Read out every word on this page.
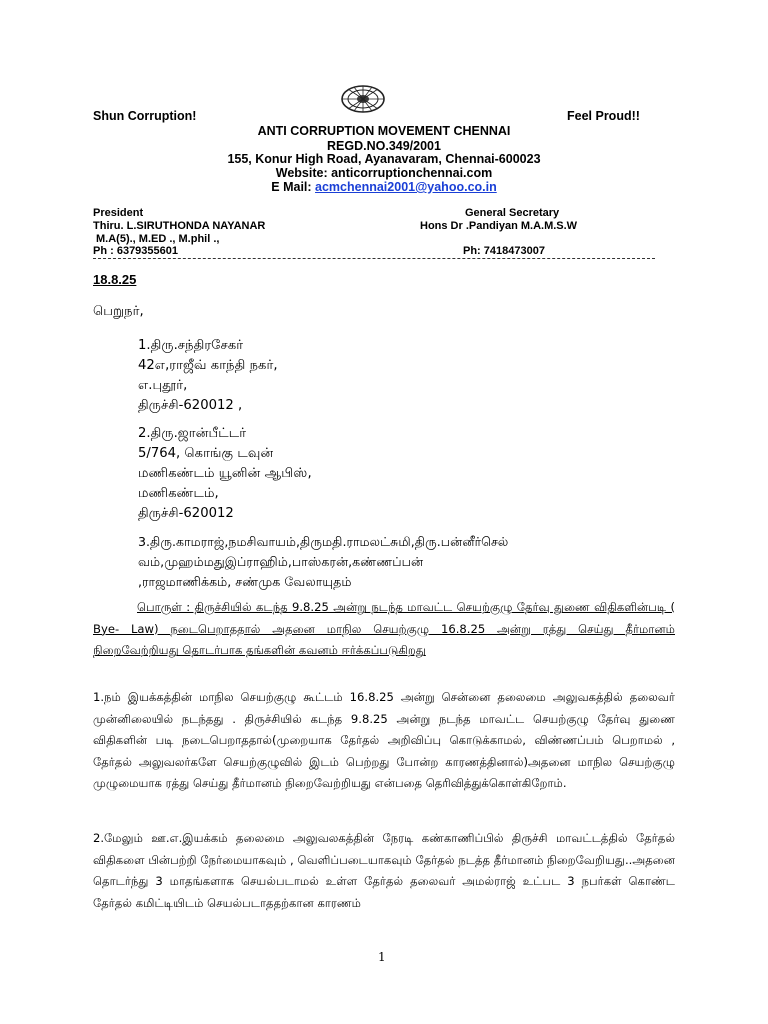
Shun Corruption!	Feel Proud!!
ANTI CORRUPTION MOVEMENT CHENNAI
REGD.NO.349/2001
155, Konur High Road, Ayanavaram, Chennai-600023
Website: anticorruptionchennai.com
E Mail: acmchennai2001@yahoo.co.in
President
Thiru. L.SIRUTHONDA NAYANAR
M.A(5)., M.ED ., M.phil .,
Ph : 6379355601
General Secretary
Hons Dr .Pandiyan M.A.M.S.W
Ph: 7418473007
18.8.25
பெறுநர்,
1.திரு.சந்திரசேகர்
42எ,ராஜீவ் காந்தி நகர்,
எ.புதூர்,
திருச்சி-620012 ,
2.திரு.ஜான்பீட்டர்
5/764, கொங்கு டவுன்
மணிகண்டம் யூனின் ஆபிஸ்,
மணிகண்டம்,
திருச்சி-620012
3.திரு.காமராஜ்,நமசிவாயம்,திருமதி.ராமலட்சுமி,திரு.பன்னீர்செல்
வம்,முஹம்மதுஇப்ராஹிம்,பாஸ்கரன்,கண்ணப்பன்
,ராஜமாணிக்கம், சண்முக வேலாயுதம்
பொருள் : திருச்சியில் கடந்த 9.8.25 அன்று நடந்த மாவட்ட செயற்குழு தேர்வு துணை விதிகளின்படி ( Bye- Law) நடைபெறாததால் அதனை மாநில செயற்குழு 16.8.25 அன்று ரத்து செய்து தீர்மானம் நிறைவேற்றியது தொடர்பாக தங்களின் கவனம் ஈர்க்கப்படுகிறது
1.நம் இயக்கத்தின் மாநில செயற்குழு கூட்டம் 16.8.25 அன்று சென்னை தலைமை அலுவகத்தில் தலைவர் முன்னிலையில் நடந்தது . திருச்சியில் கடந்த 9.8.25 அன்று நடந்த மாவட்ட செயற்குழு தேர்வு துணை விதிகளின் படி நடைபெறாததால்(முறையாக தேர்தல் அறிவிப்பு கொடுக்காமல், விண்ணப்பம் பெறாமல் , தேர்தல் அலுவலர்களே செயற்குழுவில் இடம் பெற்றது போன்ற காரணத்தினால்)அதனை மாநில செயற்குழு முழுமையாக ரத்து செய்து தீர்மானம் நிறைவேற்றியது என்பதை தெரிவித்துக்கொள்கிறோம்.
2.மேலும் ஊ.எ.இயக்கம் தலைமை அலுவலகத்தின் நேரடி கண்காணிப்பில் திருச்சி மாவட்டத்தில் தேர்தல் விதிகளை பின்பற்றி நேர்மையாகவும் , வெளிப்படையாகவும் தேர்தல் நடத்த தீர்மானம் நிறைவேறியது..அதனை தொடர்ந்து 3 மாதங்களாக செயல்படாமல் உள்ள தேர்தல் தலைவர் அமல்ராஜ் உட்பட 3 நபர்கள் கொண்ட தேர்தல் கமிட்டியிடம் செயல்படாததற்கான காரணம்
1
